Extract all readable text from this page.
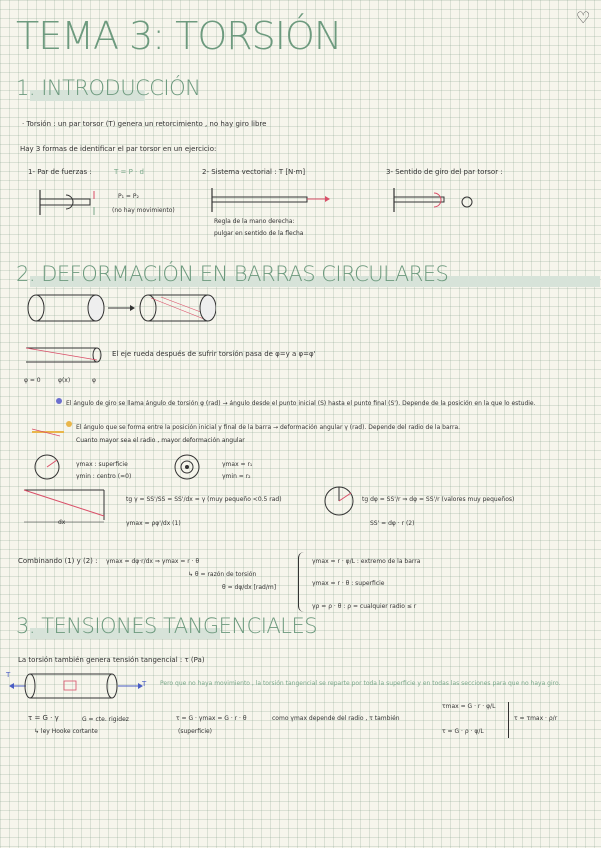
♡
TEMA 3: TORSIÓN
1. INTRODUCCIÓN
· Torsión : un par torsor (T) genera un retorcimiento , no hay giro libre
Hay 3 formas de identificar el par torsor en un ejercicio:
1- Par de fuerzas :	T = P · d
P₁ = P₂
(no hay movimiento)
2- Sistema vectorial : T [N·m]
Regla de la mano derecha:
pulgar en sentido de la flecha
3- Sentido de giro del par torsor :
2. DEFORMACIÓN EN BARRAS CIRCULARES
El eje rueda después de sufrir torsión pasa de φ=y a φ=φ'
φ = 0	φ(x)	φ
El ángulo de giro se llama ángulo de torsión φ (rad) → ángulo desde el punto inicial (S) hasta el punto final (S'). Depende de la posición en la que lo estudie.
El ángulo que se forma entre la posición inicial y final de la barra → deformación angular γ (rad). Depende del radio de la barra.
Cuanto mayor sea el radio , mayor deformación angular
γmax : superficie
γmin : centro (=0)
γmax = r₁
γmin = r₂
dx
tg γ = SS'/SS = SS'/dx = γ (muy pequeño <0.5 rad)
γmax = ρφ'/dx (1)
tg dφ = SS'/r ⇒ dφ = SS'/r (valores muy pequeños)
SS' = dφ · r (2)
Combinando (1) y (2) : γmax = dφ·r/dx ⇒ γmax = r · θ
↳ θ = razón de torsión
θ = dφ/dx [rad/m]
γmax = r · φ/L : extremo de la barra
γmax = r · θ : superficie
γρ = ρ · θ : ρ = cualquier radio ≤ r
3. TENSIONES TANGENCIALES
La torsión también genera tensión tangencial : τ (Pa)
T
T Pero que no haya movimiento , la torsión tangencial se reparte por toda la superficie y en todas las secciones para que no haya giro.
τ = G · γ	G = cte. rigidez
↳ ley Hooke cortante
τ = G · γmax = G · r · θ
(superficie)
como γmax depende del radio , τ también
τmax = G · r · φ/L
τ = G · ρ · φ/L
τ = τmax · ρ/r
